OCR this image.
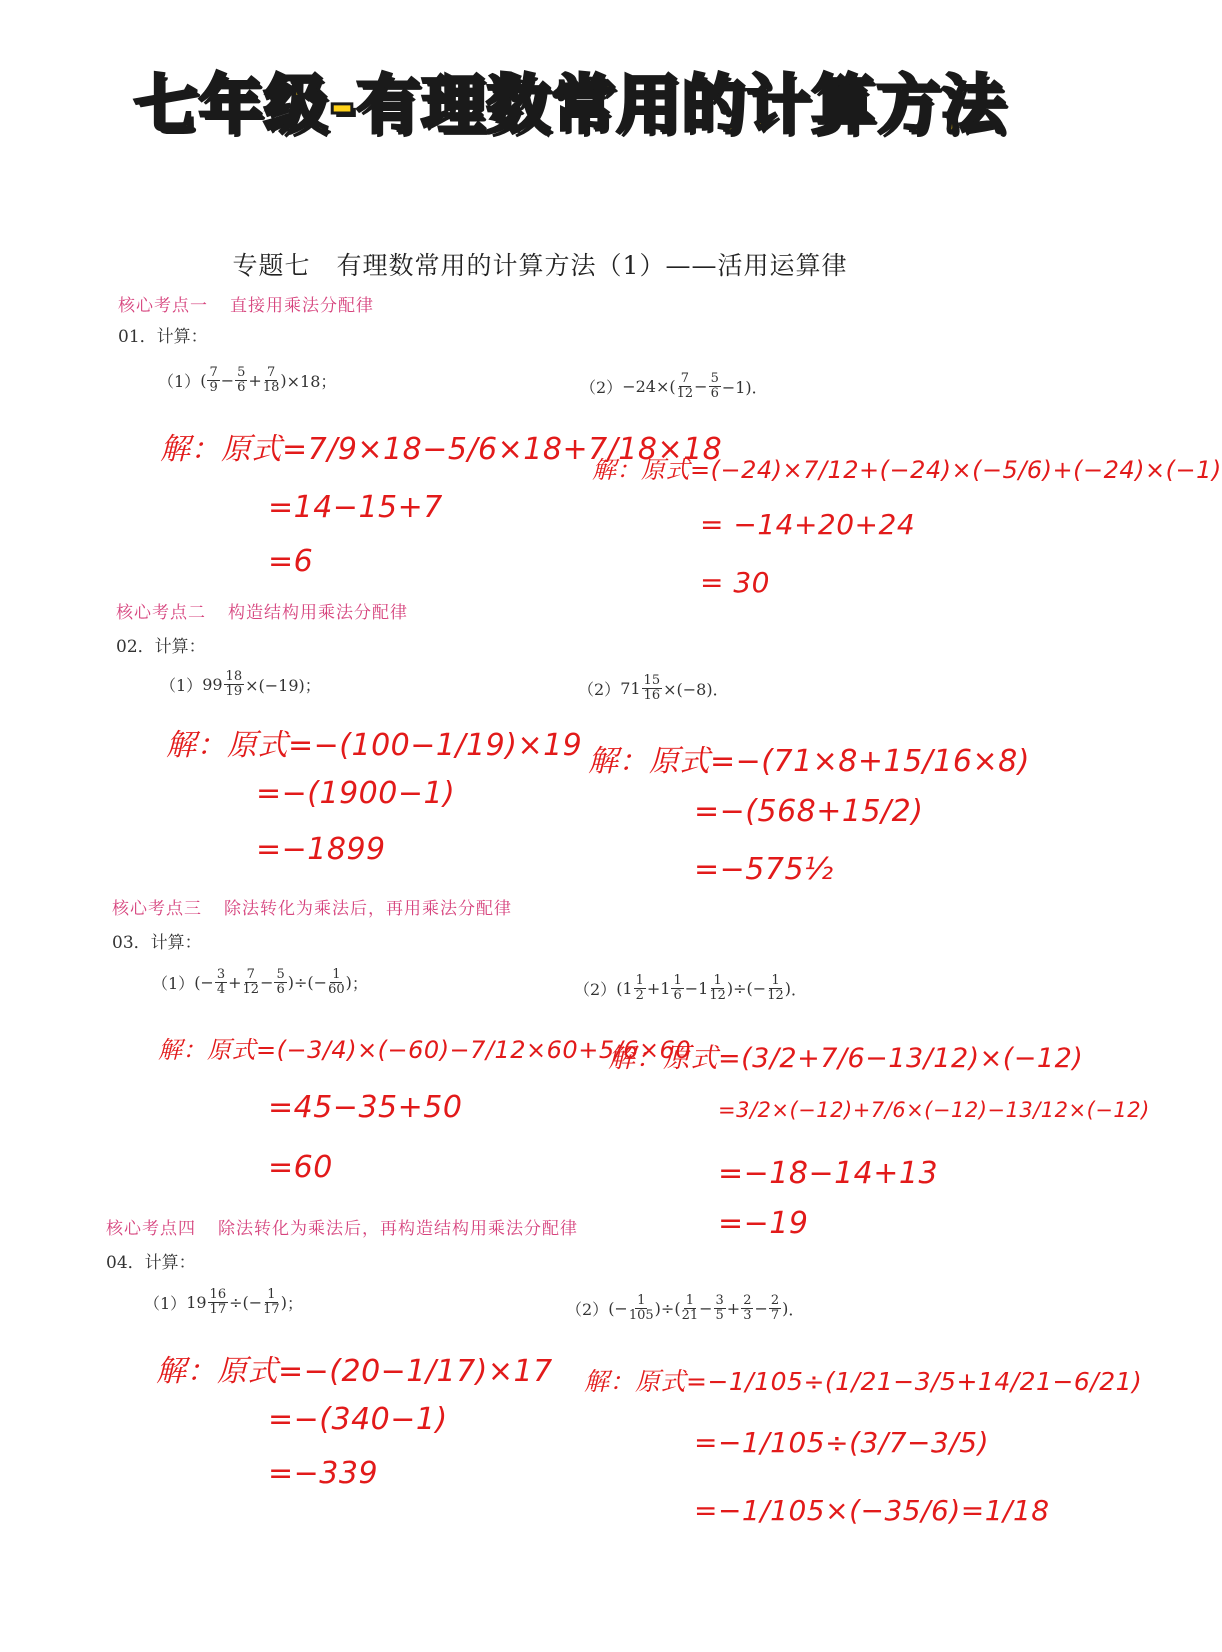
七年级-有理数常用的计算方法
专题七　有理数常用的计算方法（1）——活用运算律
核心考点一 直接用乘法分配律
01．计算：
（1） ( $\frac{7}{9} - \frac{5}{6} + \frac{7}{18}$ ) ×18；	$(2) -24\times( \frac{7}{12} - \frac{5}{6} -1)$．
解：原式=7/9×18−5/6×18+7/18×18
=14−15+7
=6
解：原式=(−24)×7/12+(−24)×(−5/6)+(−24)×(−1)
= −14+20+24
= 30
核心考点二 构造结构用乘法分配律
02．计算：
（1） $99 \frac{18}{19} \times(-19)$；	（2） $71 \frac{15}{16} \times(-8)$．
解：原式=−(100−1/19)×19
=−(1900−1)
=−1899
解：原式=−(71×8+15/16×8)
=−(568+15/2)
=−575½
核心考点三 除法转化为乘法后，再用乘法分配律
03．计算：
（1） (− $\frac{3}{4} + \frac{7}{12} - \frac{5}{6}$ )÷(− $\frac{1}{60}$ ) ；	（2） ($1 \frac{1}{2} +1 \frac{1}{6} -1 \frac{1}{12}$ )÷(− $\frac{1}{12}$ ) ．
解：原式=(−3/4)×(−60)−7/12×60+5/6×60
=45−35+50
=60
解：原式=(3/2+7/6−13/12)×(−12)
=3/2×(−12)+7/6×(−12)−13/12×(−12)
=−18−14+13
=−19
核心考点四 除法转化为乘法后，再构造结构用乘法分配律
04．计算：
（1） $19 \frac{16}{17}$ ÷(− $\frac{1}{17}$ ) ；	（2） (− $\frac{1}{105}$ )÷( $\frac{1}{21} - \frac{3}{5} + \frac{2}{3} - \frac{2}{7}$ ) ．
解：原式=−(20−1/17)×17
=−(340−1)
=−339
解：原式=−1/105÷(1/21−3/5+14/21−6/21)
=−1/105÷(3/7−3/5)
=−1/105×(−35/6)=1/18
